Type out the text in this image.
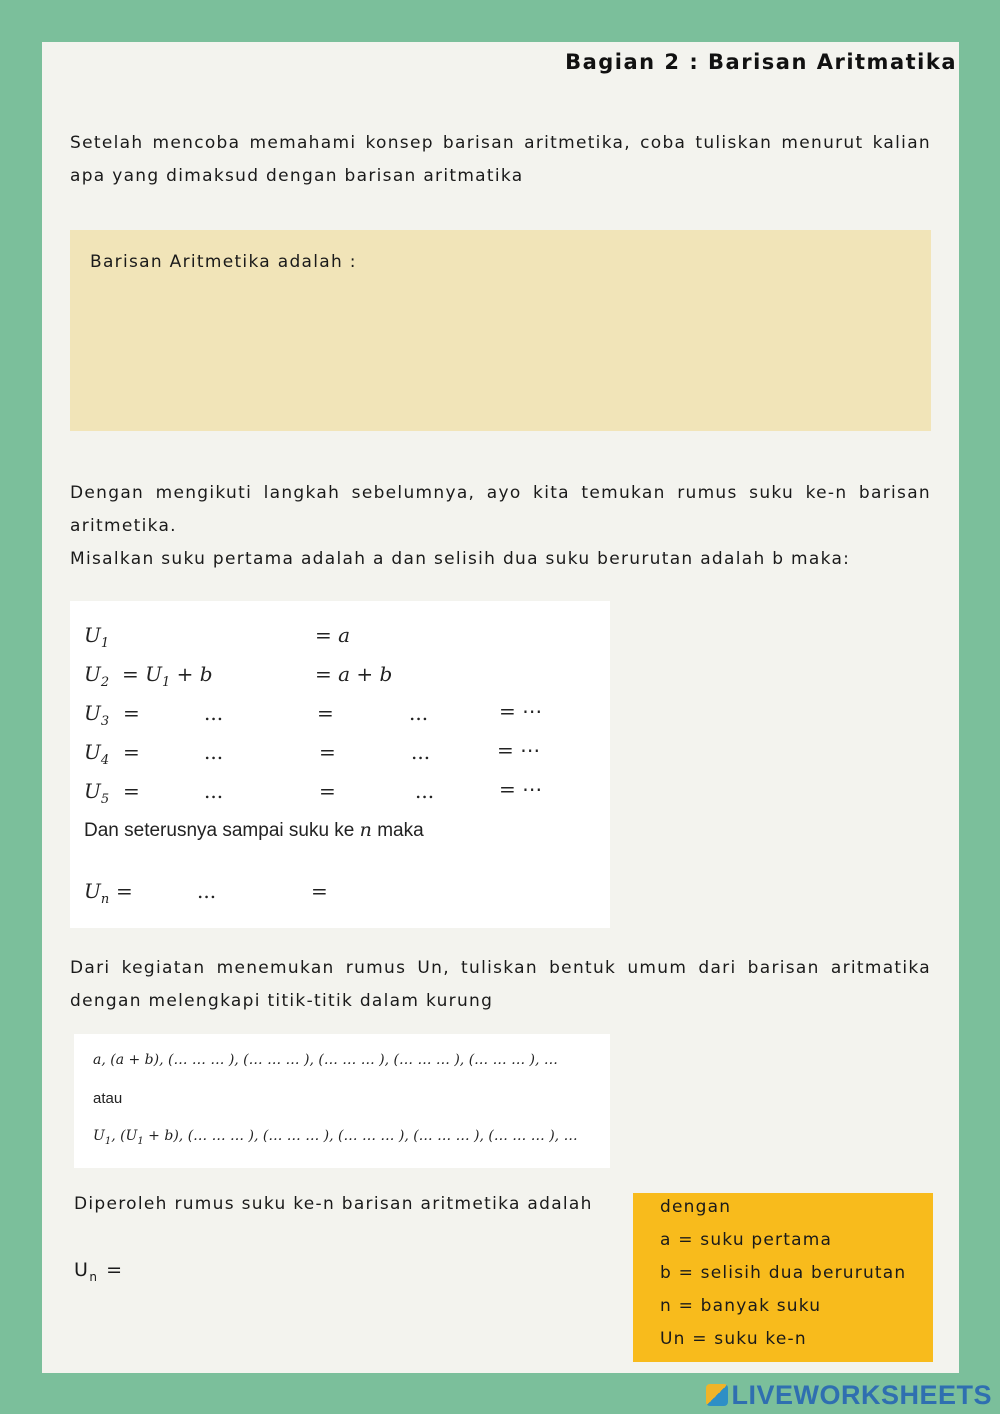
Bagian 2 : Barisan Aritmatika

Setelah mencoba memahami konsep barisan aritmetika, coba tuliskan menurut kalian apa yang dimaksud dengan barisan aritmatika

Barisan Aritmetika adalah :

Dengan mengikuti langkah sebelumnya, ayo kita temukan rumus suku ke-n barisan aritmetika.

Misalkan suku pertama adalah a dan selisih dua suku berurutan adalah b maka:

$U_1$	= a
$U_2 = U_1 + b$	= a + b
$U_3$ =	...	=	...	= ⋯
$U_4$ =	...	=	...	= ⋯
$U_5$ =	...	=	...	= ⋯
Dan seterusnya sampai suku ke n maka
$U_n$ =	...	=

Dari kegiatan menemukan rumus Un, tuliskan bentuk umum dari barisan aritmatika dengan melengkapi titik-titik dalam kurung

a, (a + b), (… … … ), (… … … ), (… … … ), (… … … ), (… … … ), …
atau
$U_1$, $(U_1 + b)$, (… … … ), (… … … ), (… … … ), (… … … ), (… … … ), …
Diperoleh rumus suku ke-n barisan aritmetika adalah
$U_n$ =
dengan
a = suku pertama
b = selisih dua berurutan
n = banyak suku
Un = suku ke-n
LIVEWORKSHEETS
